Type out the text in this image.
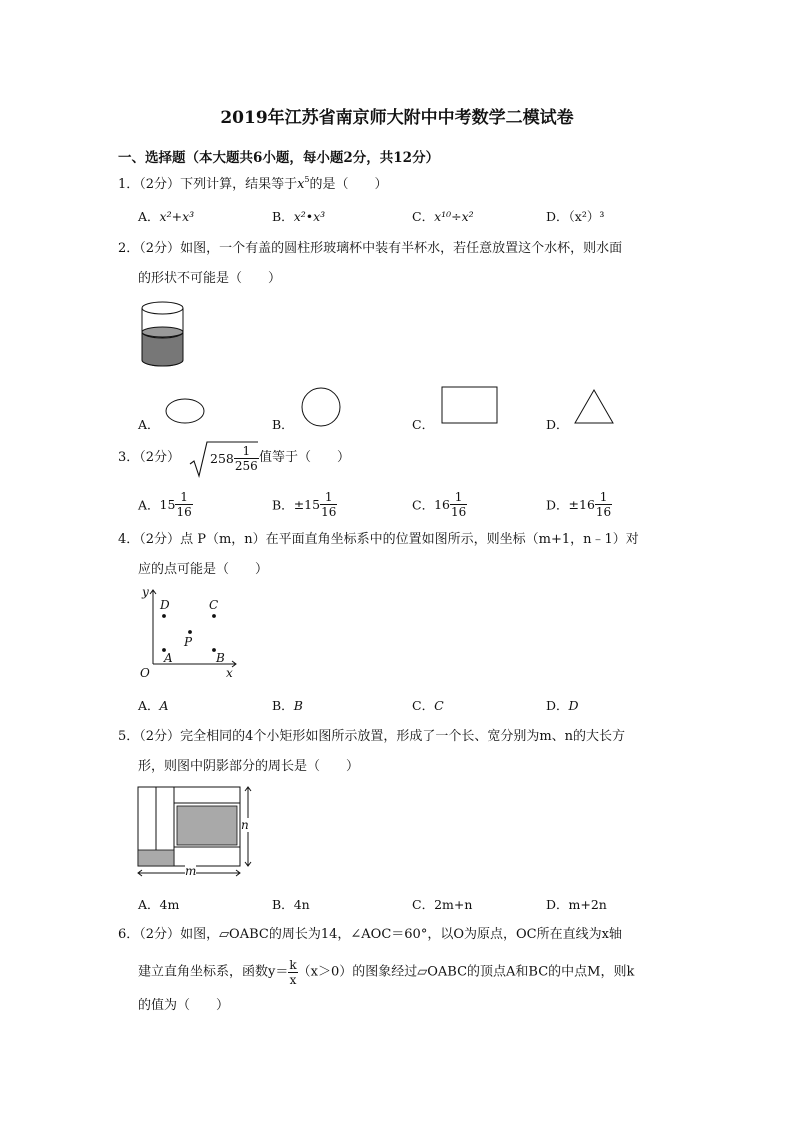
2019年江苏省南京师大附中中考数学二模试卷
一、选择题（本大题共6小题，每小题2分，共12分）
1．（2分）下列计算，结果等于$x^5$的是（　　）
A．x²+x³	B．x²•x³	C．x¹⁰÷x²	D．（x²）³
2．（2分）如图，一个有盖的圆柱形玻璃杯中装有半杯水，若任意放置这个水杯，则水面
的形状不可能是（　　）
A．	B．	C．	D．
3．（2分） $258 \frac{1}{256}$ 值等于（　　）
A．$15 \frac{1}{16}$	B．$\pm 15 \frac{1}{16}$	C．$16 \frac{1}{16}$	D．$\pm 16 \frac{1}{16}$
4．（2分）点 P（m，n）在平面直角坐标系中的位置如图所示，则坐标（m+1，n﹣1）对
应的点可能是（　　）
y
x
O
D	C
P
A	B
A．A	B．B	C．C	D．D
5．（2分）完全相同的4个小矩形如图所示放置，形成了一个长、宽分别为m、n的大长方
形，则图中阴影部分的周长是（　　）
n
m
A．4m	B．4n	C．2m+n	D．m+2n
6．（2分）如图，▱OABC的周长为14，∠AOC＝60°，以O为原点，OC所在直线为x轴
建立直角坐标系，函数$y= \frac{k}{x} (x>0)$的图象经过▱OABC的顶点A和BC的中点M，则k
的值为（　　）
